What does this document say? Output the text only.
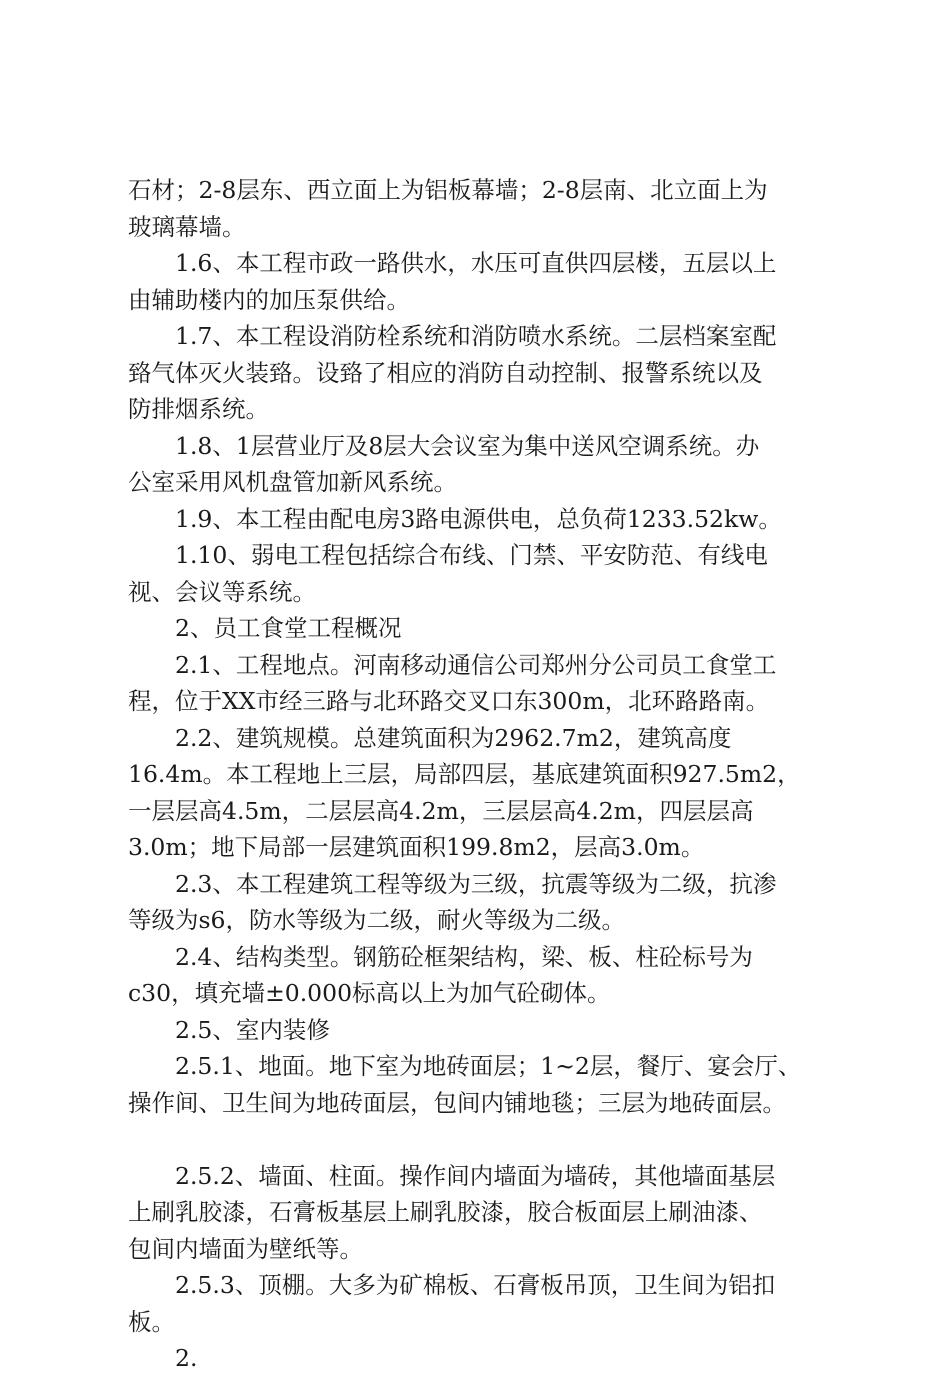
石材；2-8层东、西立面上为铝板幕墙；2-8层南、北立面上为

玻璃幕墙。

1.6、本工程市政一路供水，水压可直供四层楼，五层以上

由辅助楼内的加压泵供给。

1.7、本工程设消防栓系统和消防喷水系统。二层档案室配

臵气体灭火装臵。设臵了相应的消防自动控制、报警系统以及

防排烟系统。

1.8、1层营业厅及8层大会议室为集中送风空调系统。办

公室采用风机盘管加新风系统。

1.9、本工程由配电房3路电源供电，总负荷1233.52kw。

1.10、弱电工程包括综合布线、门禁、平安防范、有线电

视、会议等系统。

2、员工食堂工程概况

2.1、工程地点。河南移动通信公司郑州分公司员工食堂工

程，位于XX市经三路与北环路交叉口东300m，北环路路南。

2.2、建筑规模。总建筑面积为2962.7m2，建筑高度

16.4m。本工程地上三层，局部四层，基底建筑面积927.5m2，

一层层高4.5m，二层层高4.2m，三层层高4.2m，四层层高

3.0m；地下局部一层建筑面积199.8m2，层高3.0m。

2.3、本工程建筑工程等级为三级，抗震等级为二级，抗渗

等级为s6，防水等级为二级，耐火等级为二级。

2.4、结构类型。钢筋砼框架结构，梁、板、柱砼标号为

c30，填充墙±0.000标高以上为加气砼砌体。

2.5、室内装修

2.5.1、地面。地下室为地砖面层；1~2层，餐厅、宴会厅、

操作间、卫生间为地砖面层，包间内铺地毯；三层为地砖面层。

2.5.2、墙面、柱面。操作间内墙面为墙砖，其他墙面基层

上刷乳胶漆，石膏板基层上刷乳胶漆，胶合板面层上刷油漆、

包间内墙面为壁纸等。

2.5.3、顶棚。大多为矿棉板、石膏板吊顶，卫生间为铝扣

板。

2.
